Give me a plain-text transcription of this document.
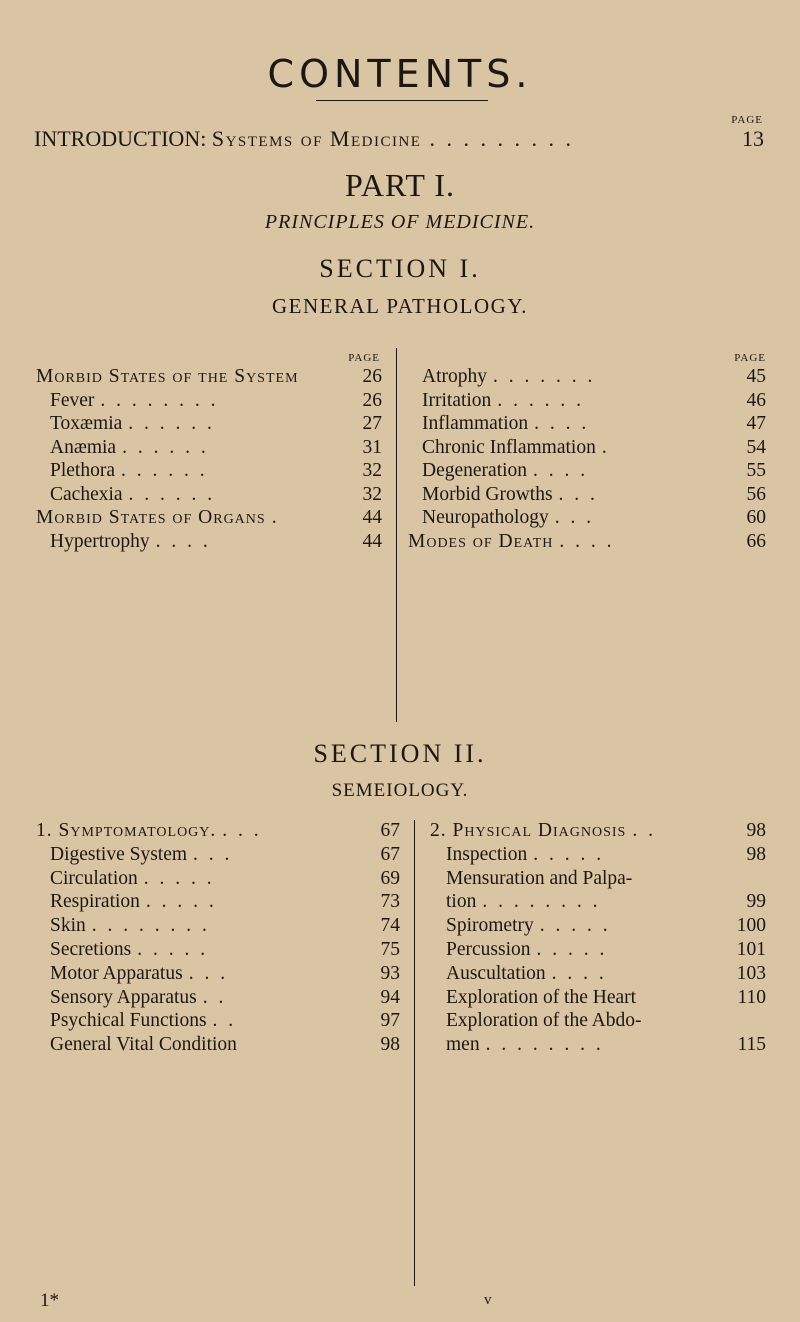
CONTENTS.
PAGE
INTRODUCTION: Systems of Medicine . . . . . . . . .	13
PART I.
PRINCIPLES OF MEDICINE.
SECTION I.
GENERAL PATHOLOGY.
Morbid States of the System	26
Fever . . . . . . . .	26
Toxæmia . . . . . .	27
Anæmia . . . . . .	31
Plethora . . . . . .	32
Cachexia . . . . . .	32
Morbid States of Organs .	44
Hypertrophy . . . .	44
PAGE
Atrophy . . . . . . .	45
Irritation . . . . . .	46
Inflammation . . . .	47
Chronic Inflammation .	54
Degeneration . . . .	55
Morbid Growths . . .	56
Neuropathology . . .	60
Modes of Death . . . .	66
PAGE
SECTION II.
SEMEIOLOGY.
1. Symptomatology. . . .	67
Digestive System . . .	67
Circulation . . . . .	69
Respiration . . . . .	73
Skin . . . . . . . .	74
Secretions . . . . .	75
Motor Apparatus . . .	93
Sensory Apparatus . .	94
Psychical Functions . .	97
General Vital Condition	98
2. Physical Diagnosis . .	98
Inspection . . . . .	98
Mensuration and Palpa-
tion . . . . . . . .	99
Spirometry . . . . .	100
Percussion . . . . .	101
Auscultation . . . .	103
Exploration of the Heart	110
Exploration of the Abdo-
men . . . . . . . .	115
1*	v
